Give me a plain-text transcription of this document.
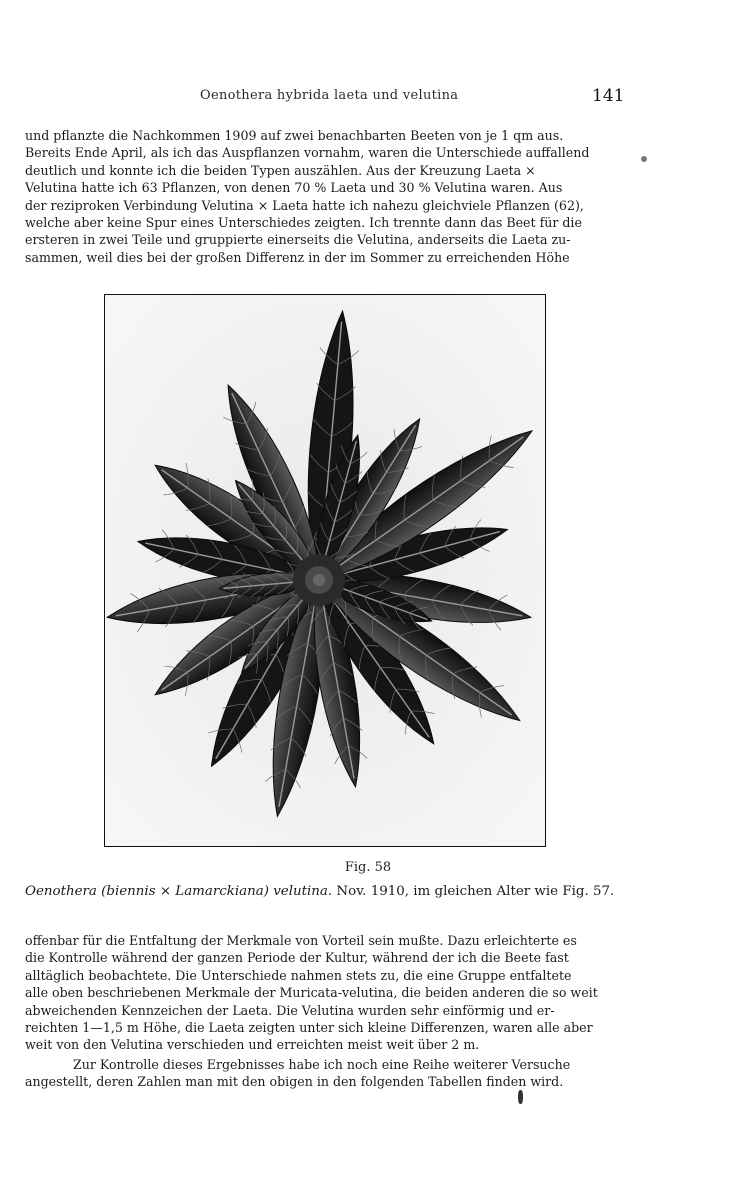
Oenothera hybrida laeta und velutina	141
und pflanzte die Nachkommen 1909 auf zwei benachbarten Beeten von je 1 qm aus.
Bereits Ende April, als ich das Auspflanzen vornahm, waren die Unterschiede auffallend
deutlich und konnte ich die beiden Typen auszählen. Aus der Kreuzung Laeta ×
Velutina hatte ich 63 Pflanzen, von denen 70 % Laeta und 30 % Velutina waren. Aus
der reziproken Verbindung Velutina × Laeta hatte ich nahezu gleichviele Pflanzen (62),
welche aber keine Spur eines Unterschiedes zeigten. Ich trennte dann das Beet für die
ersteren in zwei Teile und gruppierte einerseits die Velutina, anderseits die Laeta zu-
sammen, weil dies bei der großen Differenz in der im Sommer zu erreichenden Höhe
Fig. 58
Oenothera (biennis × Lamarckiana) velutina. Nov. 1910, im gleichen Alter wie Fig. 57.
offenbar für die Entfaltung der Merkmale von Vorteil sein mußte. Dazu erleichterte es
die Kontrolle während der ganzen Periode der Kultur, während der ich die Beete fast
alltäglich beobachtete. Die Unterschiede nahmen stets zu, die eine Gruppe entfaltete
alle oben beschriebenen Merkmale der Muricata-velutina, die beiden anderen die so weit
abweichenden Kennzeichen der Laeta. Die Velutina wurden sehr einförmig und er-
reichten 1—1,5 m Höhe, die Laeta zeigten unter sich kleine Differenzen, waren alle aber
weit von den Velutina verschieden und erreichten meist weit über 2 m.
Zur Kontrolle dieses Ergebnisses habe ich noch eine Reihe weiterer Versuche
angestellt, deren Zahlen man mit den obigen in den folgenden Tabellen finden wird.
